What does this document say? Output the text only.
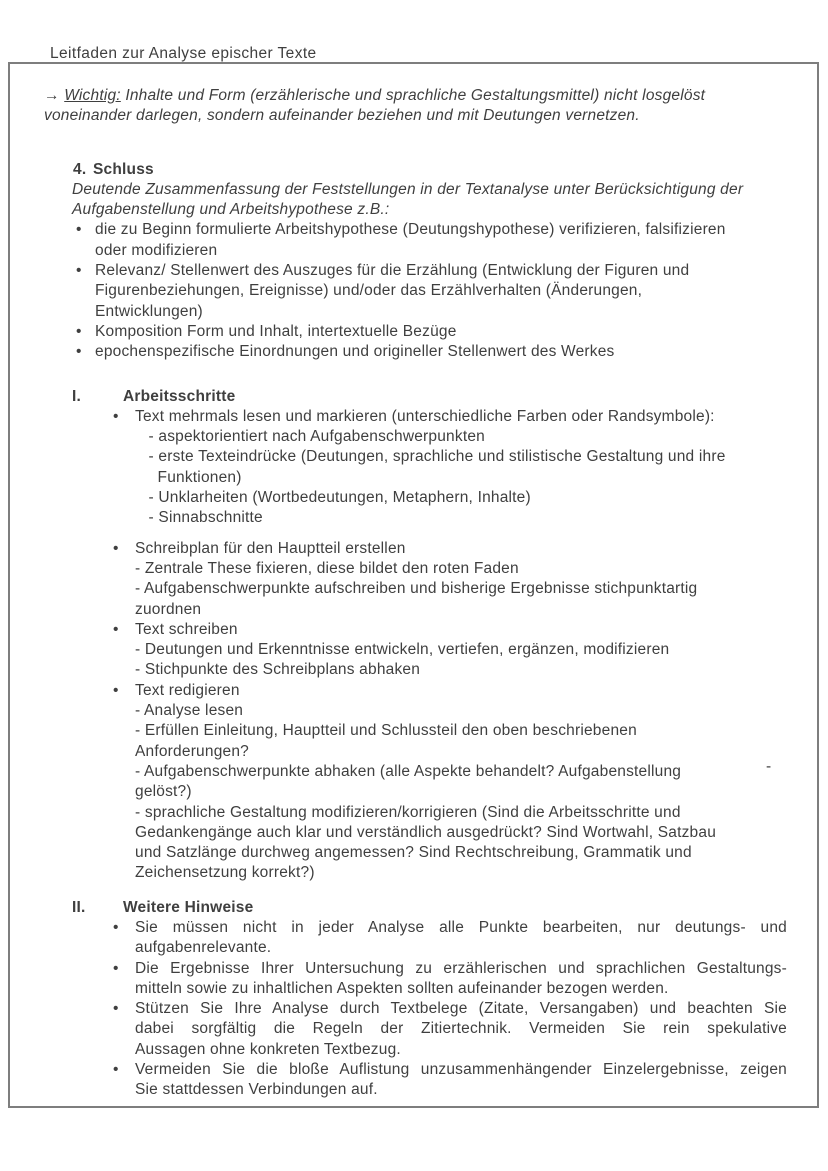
Leitfaden zur Analyse epischer Texte
→ Wichtig: Inhalte und Form (erzählerische und sprachliche Gestaltungsmittel) nicht losgelöst
voneinander darlegen, sondern aufeinander beziehen und mit Deutungen vernetzen.
4. Schluss
Deutende Zusammenfassung der Feststellungen in der Textanalyse unter Berücksichtigung der
Aufgabenstellung und Arbeitshypothese z.B.:
• die zu Beginn formulierte Arbeitshypothese (Deutungshypothese) verifizieren, falsifizieren
oder modifizieren
• Relevanz/ Stellenwert des Auszuges für die Erzählung (Entwicklung der Figuren und
Figurenbeziehungen, Ereignisse) und/oder das Erzählverhalten (Änderungen,
Entwicklungen)
• Komposition Form und Inhalt, intertextuelle Bezüge
• epochenspezifische Einordnungen und origineller Stellenwert des Werkes
I.	Arbeitsschritte
•	Text mehrmals lesen und markieren (unterschiedliche Farben oder Randsymbole):
- aspektorientiert nach Aufgabenschwerpunkten
- erste Texteindrücke (Deutungen, sprachliche und stilistische Gestaltung und ihre
Funktionen)
- Unklarheiten (Wortbedeutungen, Metaphern, Inhalte)
- Sinnabschnitte
•	Schreibplan für den Hauptteil erstellen
- Zentrale These fixieren, diese bildet den roten Faden
- Aufgabenschwerpunkte aufschreiben und bisherige Ergebnisse stichpunktartig
zuordnen
•	Text schreiben
- Deutungen und Erkenntnisse entwickeln, vertiefen, ergänzen, modifizieren
- Stichpunkte des Schreibplans abhaken
•	Text redigieren
- Analyse lesen
- Erfüllen Einleitung, Hauptteil und Schlussteil den oben beschriebenen
Anforderungen?
- Aufgabenschwerpunkte abhaken (alle Aspekte behandelt? Aufgabenstellung
gelöst?)
- sprachliche Gestaltung modifizieren/korrigieren (Sind die Arbeitsschritte und
Gedankengänge auch klar und verständlich ausgedrückt? Sind Wortwahl, Satzbau
und Satzlänge durchweg angemessen? Sind Rechtschreibung, Grammatik und
Zeichensetzung korrekt?)
II.	Weitere Hinweise
•	Sie müssen nicht in jeder Analyse alle Punkte bearbeiten, nur deutungs- und
aufgabenrelevante.
•	Die Ergebnisse Ihrer Untersuchung zu erzählerischen und sprachlichen Gestaltungs-
mitteln sowie zu inhaltlichen Aspekten sollten aufeinander bezogen werden.
•	Stützen Sie Ihre Analyse durch Textbelege (Zitate, Versangaben) und beachten Sie
dabei sorgfältig die Regeln der Zitiertechnik. Vermeiden Sie rein spekulative
Aussagen ohne konkreten Textbezug.
•	Vermeiden Sie die bloße Auflistung unzusammenhängender Einzelergebnisse, zeigen
Sie stattdessen Verbindungen auf.
-
